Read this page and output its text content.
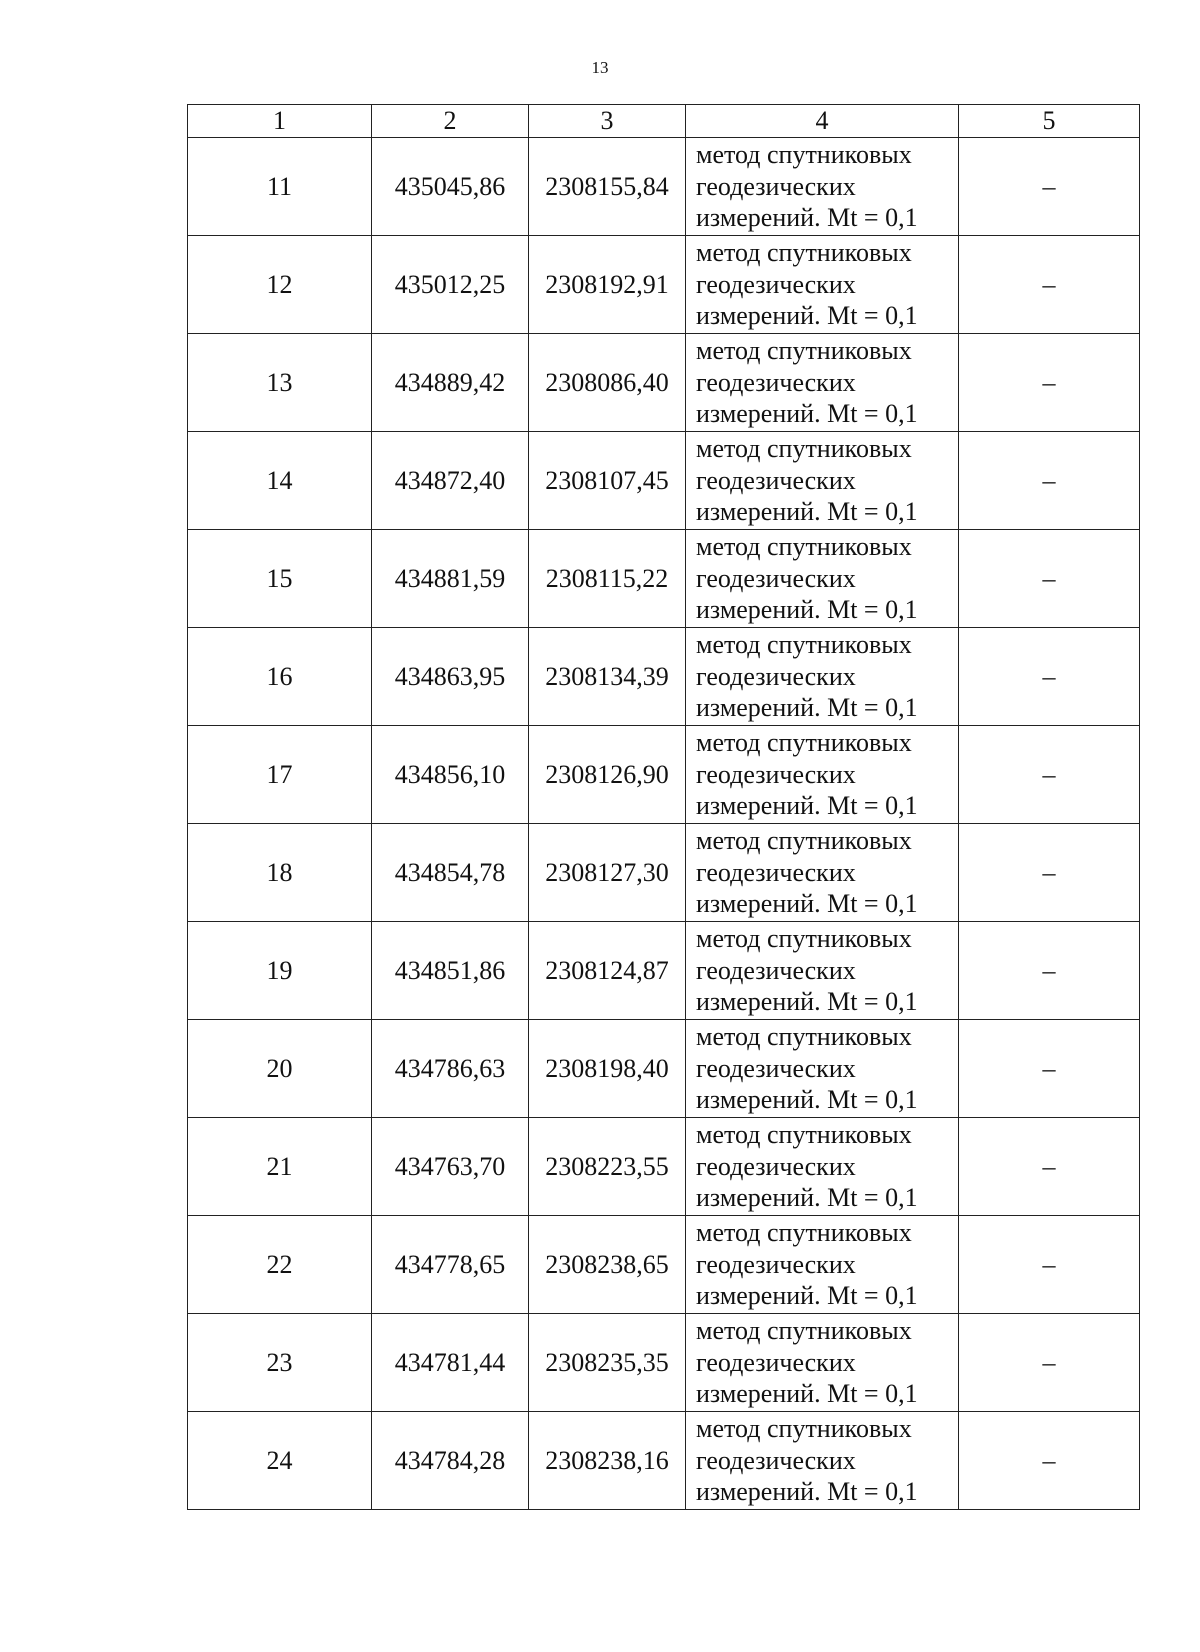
13
1	2	3	4	5
11	435045,86	2308155,84	метод спутниковых
геодезических
измерений. Mt = 0,1	–
12	435012,25	2308192,91	метод спутниковых
геодезических
измерений. Mt = 0,1	–
13	434889,42	2308086,40	метод спутниковых
геодезических
измерений. Mt = 0,1	–
14	434872,40	2308107,45	метод спутниковых
геодезических
измерений. Mt = 0,1	–
15	434881,59	2308115,22	метод спутниковых
геодезических
измерений. Mt = 0,1	–
16	434863,95	2308134,39	метод спутниковых
геодезических
измерений. Mt = 0,1	–
17	434856,10	2308126,90	метод спутниковых
геодезических
измерений. Mt = 0,1	–
18	434854,78	2308127,30	метод спутниковых
геодезических
измерений. Mt = 0,1	–
19	434851,86	2308124,87	метод спутниковых
геодезических
измерений. Mt = 0,1	–
20	434786,63	2308198,40	метод спутниковых
геодезических
измерений. Mt = 0,1	–
21	434763,70	2308223,55	метод спутниковых
геодезических
измерений. Mt = 0,1	–
22	434778,65	2308238,65	метод спутниковых
геодезических
измерений. Mt = 0,1	–
23	434781,44	2308235,35	метод спутниковых
геодезических
измерений. Mt = 0,1	–
24	434784,28	2308238,16	метод спутниковых
геодезических
измерений. Mt = 0,1	–
